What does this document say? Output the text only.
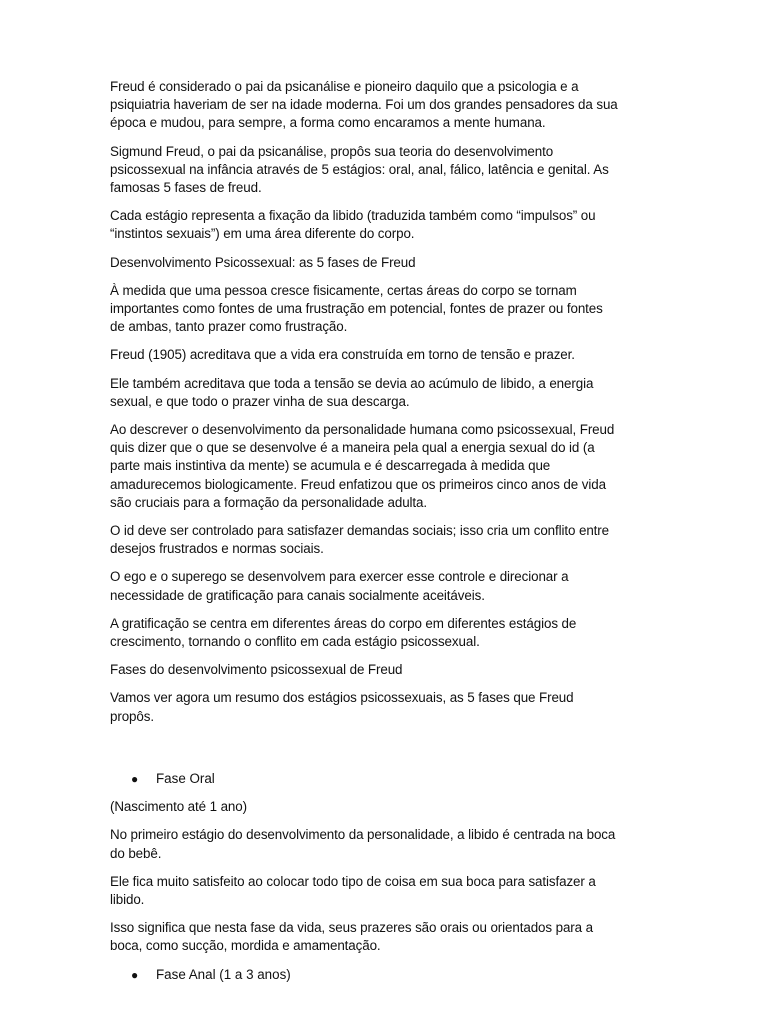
Freud é considerado o pai da psicanálise e pioneiro daquilo que a psicologia e a psiquiatria haveriam de ser na idade moderna. Foi um dos grandes pensadores da sua época e mudou, para sempre, a forma como encaramos a mente humana.

Sigmund Freud, o pai da psicanálise, propôs sua teoria do desenvolvimento psicossexual na infância através de 5 estágios: oral, anal, fálico, latência e genital. As famosas 5 fases de freud.

Cada estágio representa a fixação da libido (traduzida também como “impulsos” ou “instintos sexuais”) em uma área diferente do corpo.

Desenvolvimento Psicossexual: as 5 fases de Freud

À medida que uma pessoa cresce fisicamente, certas áreas do corpo se tornam importantes como fontes de uma frustração em potencial, fontes de prazer ou fontes de ambas, tanto prazer como frustração.

Freud (1905) acreditava que a vida era construída em torno de tensão e prazer.

Ele também acreditava que toda a tensão se devia ao acúmulo de libido, a energia sexual, e que todo o prazer vinha de sua descarga.

Ao descrever o desenvolvimento da personalidade humana como psicossexual, Freud quis dizer que o que se desenvolve é a maneira pela qual a energia sexual do id (a parte mais instintiva da mente) se acumula e é descarregada à medida que amadurecemos biologicamente. Freud enfatizou que os primeiros cinco anos de vida são cruciais para a formação da personalidade adulta.

O id deve ser controlado para satisfazer demandas sociais; isso cria um conflito entre desejos frustrados e normas sociais.

O ego e o superego se desenvolvem para exercer esse controle e direcionar a necessidade de gratificação para canais socialmente aceitáveis.

A gratificação se centra em diferentes áreas do corpo em diferentes estágios de crescimento, tornando o conflito em cada estágio psicossexual.

Fases do desenvolvimento psicossexual de Freud

Vamos ver agora um resumo dos estágios psicossexuais, as 5 fases que Freud propôs.

●	Fase Oral

(Nascimento até 1 ano)

No primeiro estágio do desenvolvimento da personalidade, a libido é centrada na boca do bebê.

Ele fica muito satisfeito ao colocar todo tipo de coisa em sua boca para satisfazer a libido.

Isso significa que nesta fase da vida, seus prazeres são orais ou orientados para a boca, como sucção, mordida e amamentação.

●	Fase Anal (1 a 3 anos)
